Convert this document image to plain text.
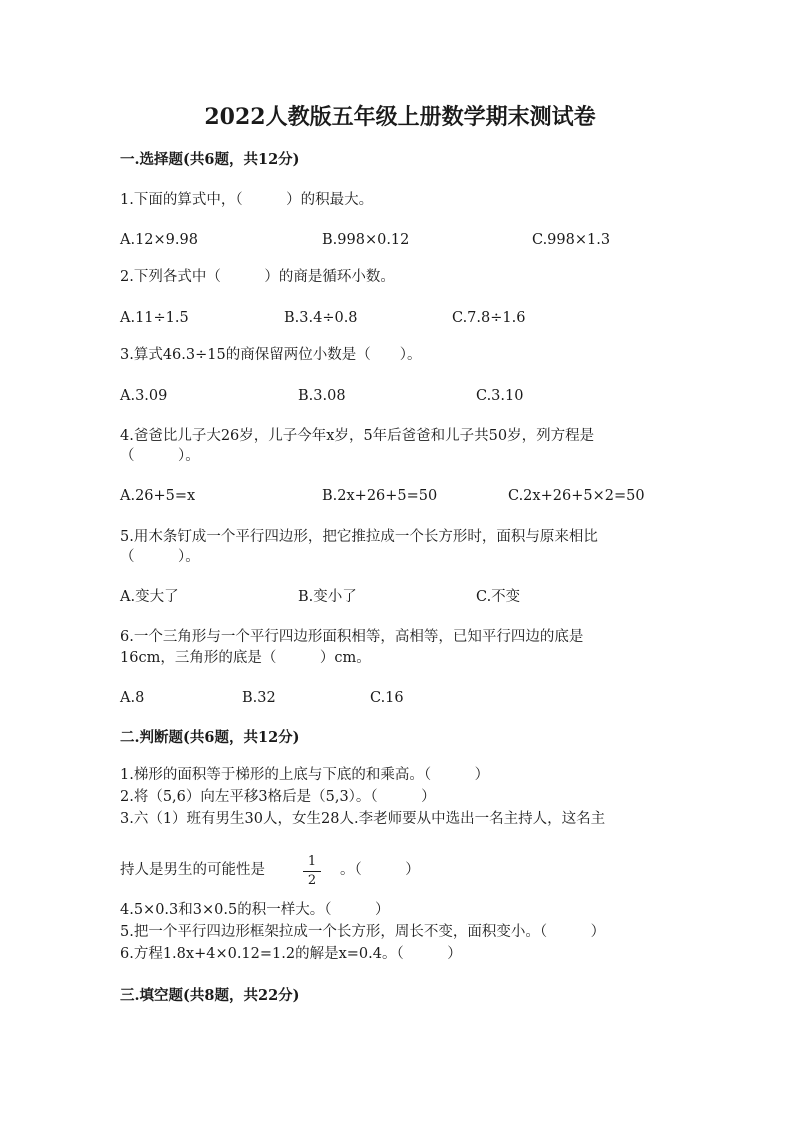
2022人教版五年级上册数学期末测试卷
一.选择题(共6题，共12分)
1.下面的算式中，（　　　）的积最大。
A.12×9.98	B.998×0.12	C.998×1.3
2.下列各式中（　　　）的商是循环小数。
A.11÷1.5	B.3.4÷0.8	C.7.8÷1.6
3.算式46.3÷15的商保留两位小数是（　　）。
A.3.09	B.3.08	C.3.10
4.爸爸比儿子大26岁，儿子今年x岁，5年后爸爸和儿子共50岁，列方程是
（　　　）。
A.26+5=x	B.2x+26+5=50	C.2x+26+5×2=50
5.用木条钉成一个平行四边形，把它推拉成一个长方形时，面积与原来相比
（　　　）。
A.变大了	B.变小了	C.不变
6.一个三角形与一个平行四边形面积相等，高相等，已知平行四边的底是
16cm，三角形的底是（　　　）cm。
A.8	B.32	C.16
二.判断题(共6题，共12分)
1.梯形的面积等于梯形的上底与下底的和乘高。（　　　）
2.将（5,6）向左平移3格后是（5,3）。（　　　）
3.六（1）班有男生30人，女生28人.李老师要从中选出一名主持人，这名主
持人是男生的可能性是
1
2
。（　　　）
4.5×0.3和3×0.5的积一样大。（　　　）
5.把一个平行四边形框架拉成一个长方形，周长不变，面积变小。（　　　）
6.方程1.8x+4×0.12=1.2的解是x=0.4。（　　　）
三.填空题(共8题，共22分)
